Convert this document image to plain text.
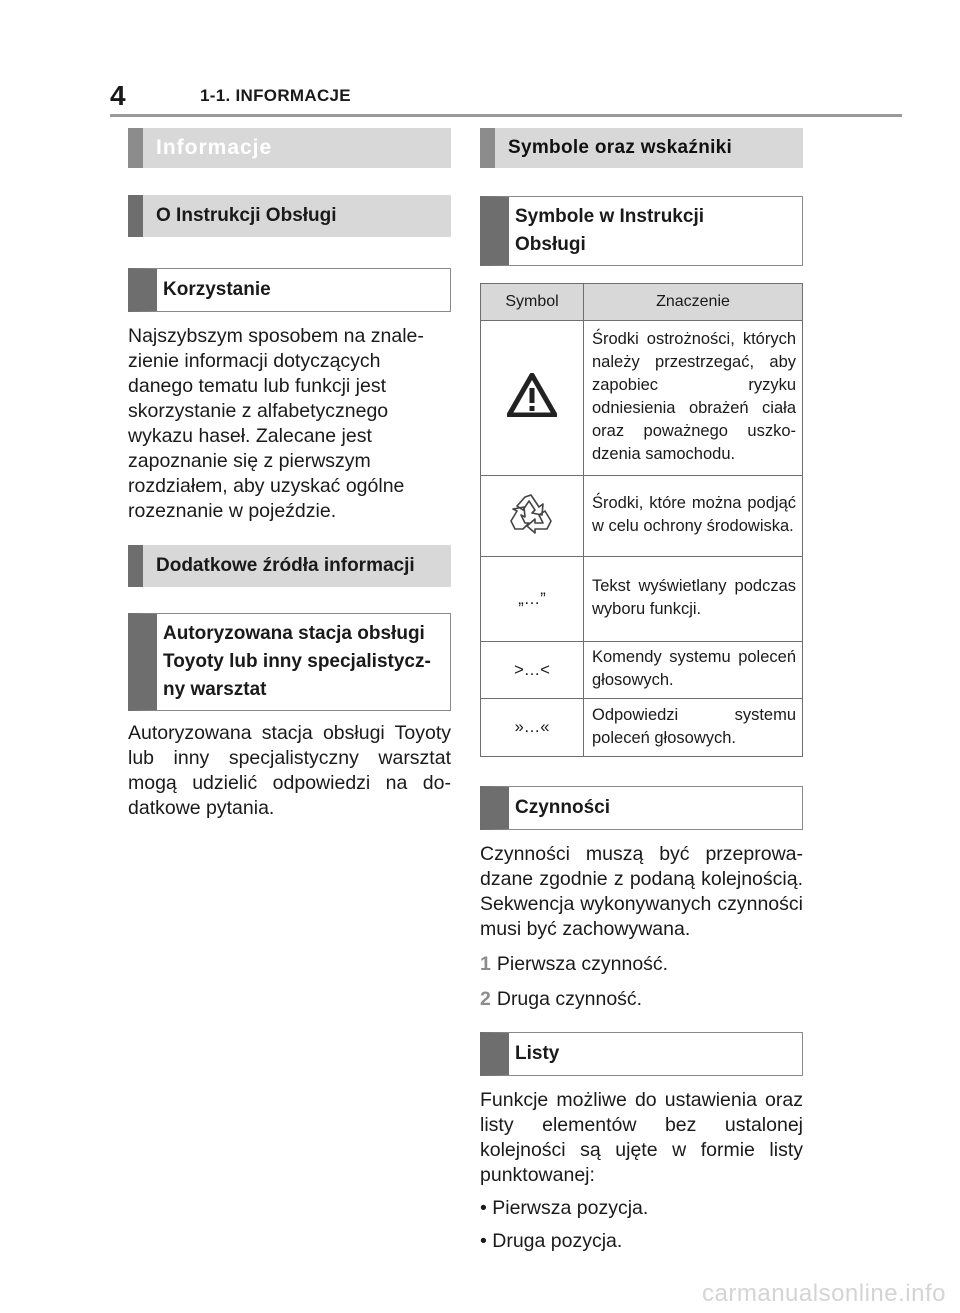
4	1-1. INFORMACJE
Informacje
O Instrukcji Obsługi
Korzystanie

Najszybszym sposobem na znale-
zienie informacji dotyczących
danego tematu lub funkcji jest
skorzystanie z alfabetycznego
wykazu haseł. Zalecane jest
zapoznanie się z pierwszym
rozdziałem, aby uzyskać ogólne
rozeznanie w pojeździe.

Dodatkowe źródła informacji
Autoryzowana stacja obsługi
Toyoty lub inny specjalistycz-
ny warsztat

Autoryzowana stacja obsługi Toyoty lub inny specjalistyczny warsztat mogą udzielić odpowiedzi na dodatkowe pytania.

Symbole oraz wskaźniki
Symbole w Instrukcji
Obsługi
Symbol	Znaczenie
	Środki ostrożności, których należy przestrzegać, aby zapobiec ryzyku odniesienia obrażeń ciała oraz poważnego uszkodzenia samochodu.
	Środki, które można podjąć w celu ochrony środowiska.
„…”	Tekst wyświetlany podczas wyboru funkcji.
>…<	Komendy systemu poleceń głosowych.
»…«	Odpowiedzi systemu poleceń głosowych.
Czynności

Czynności muszą być przeprowadzane zgodnie z podaną kolejnością. Sekwencja wykonywanych czynności musi być zachowywana.

1 Pierwsza czynność.

2 Druga czynność.

Listy

Funkcje możliwe do ustawienia oraz listy elementów bez ustalonej kolejności są ujęte w formie listy punktowanej:

• Pierwsza pozycja.

• Druga pozycja.

carmanualsonline.info
